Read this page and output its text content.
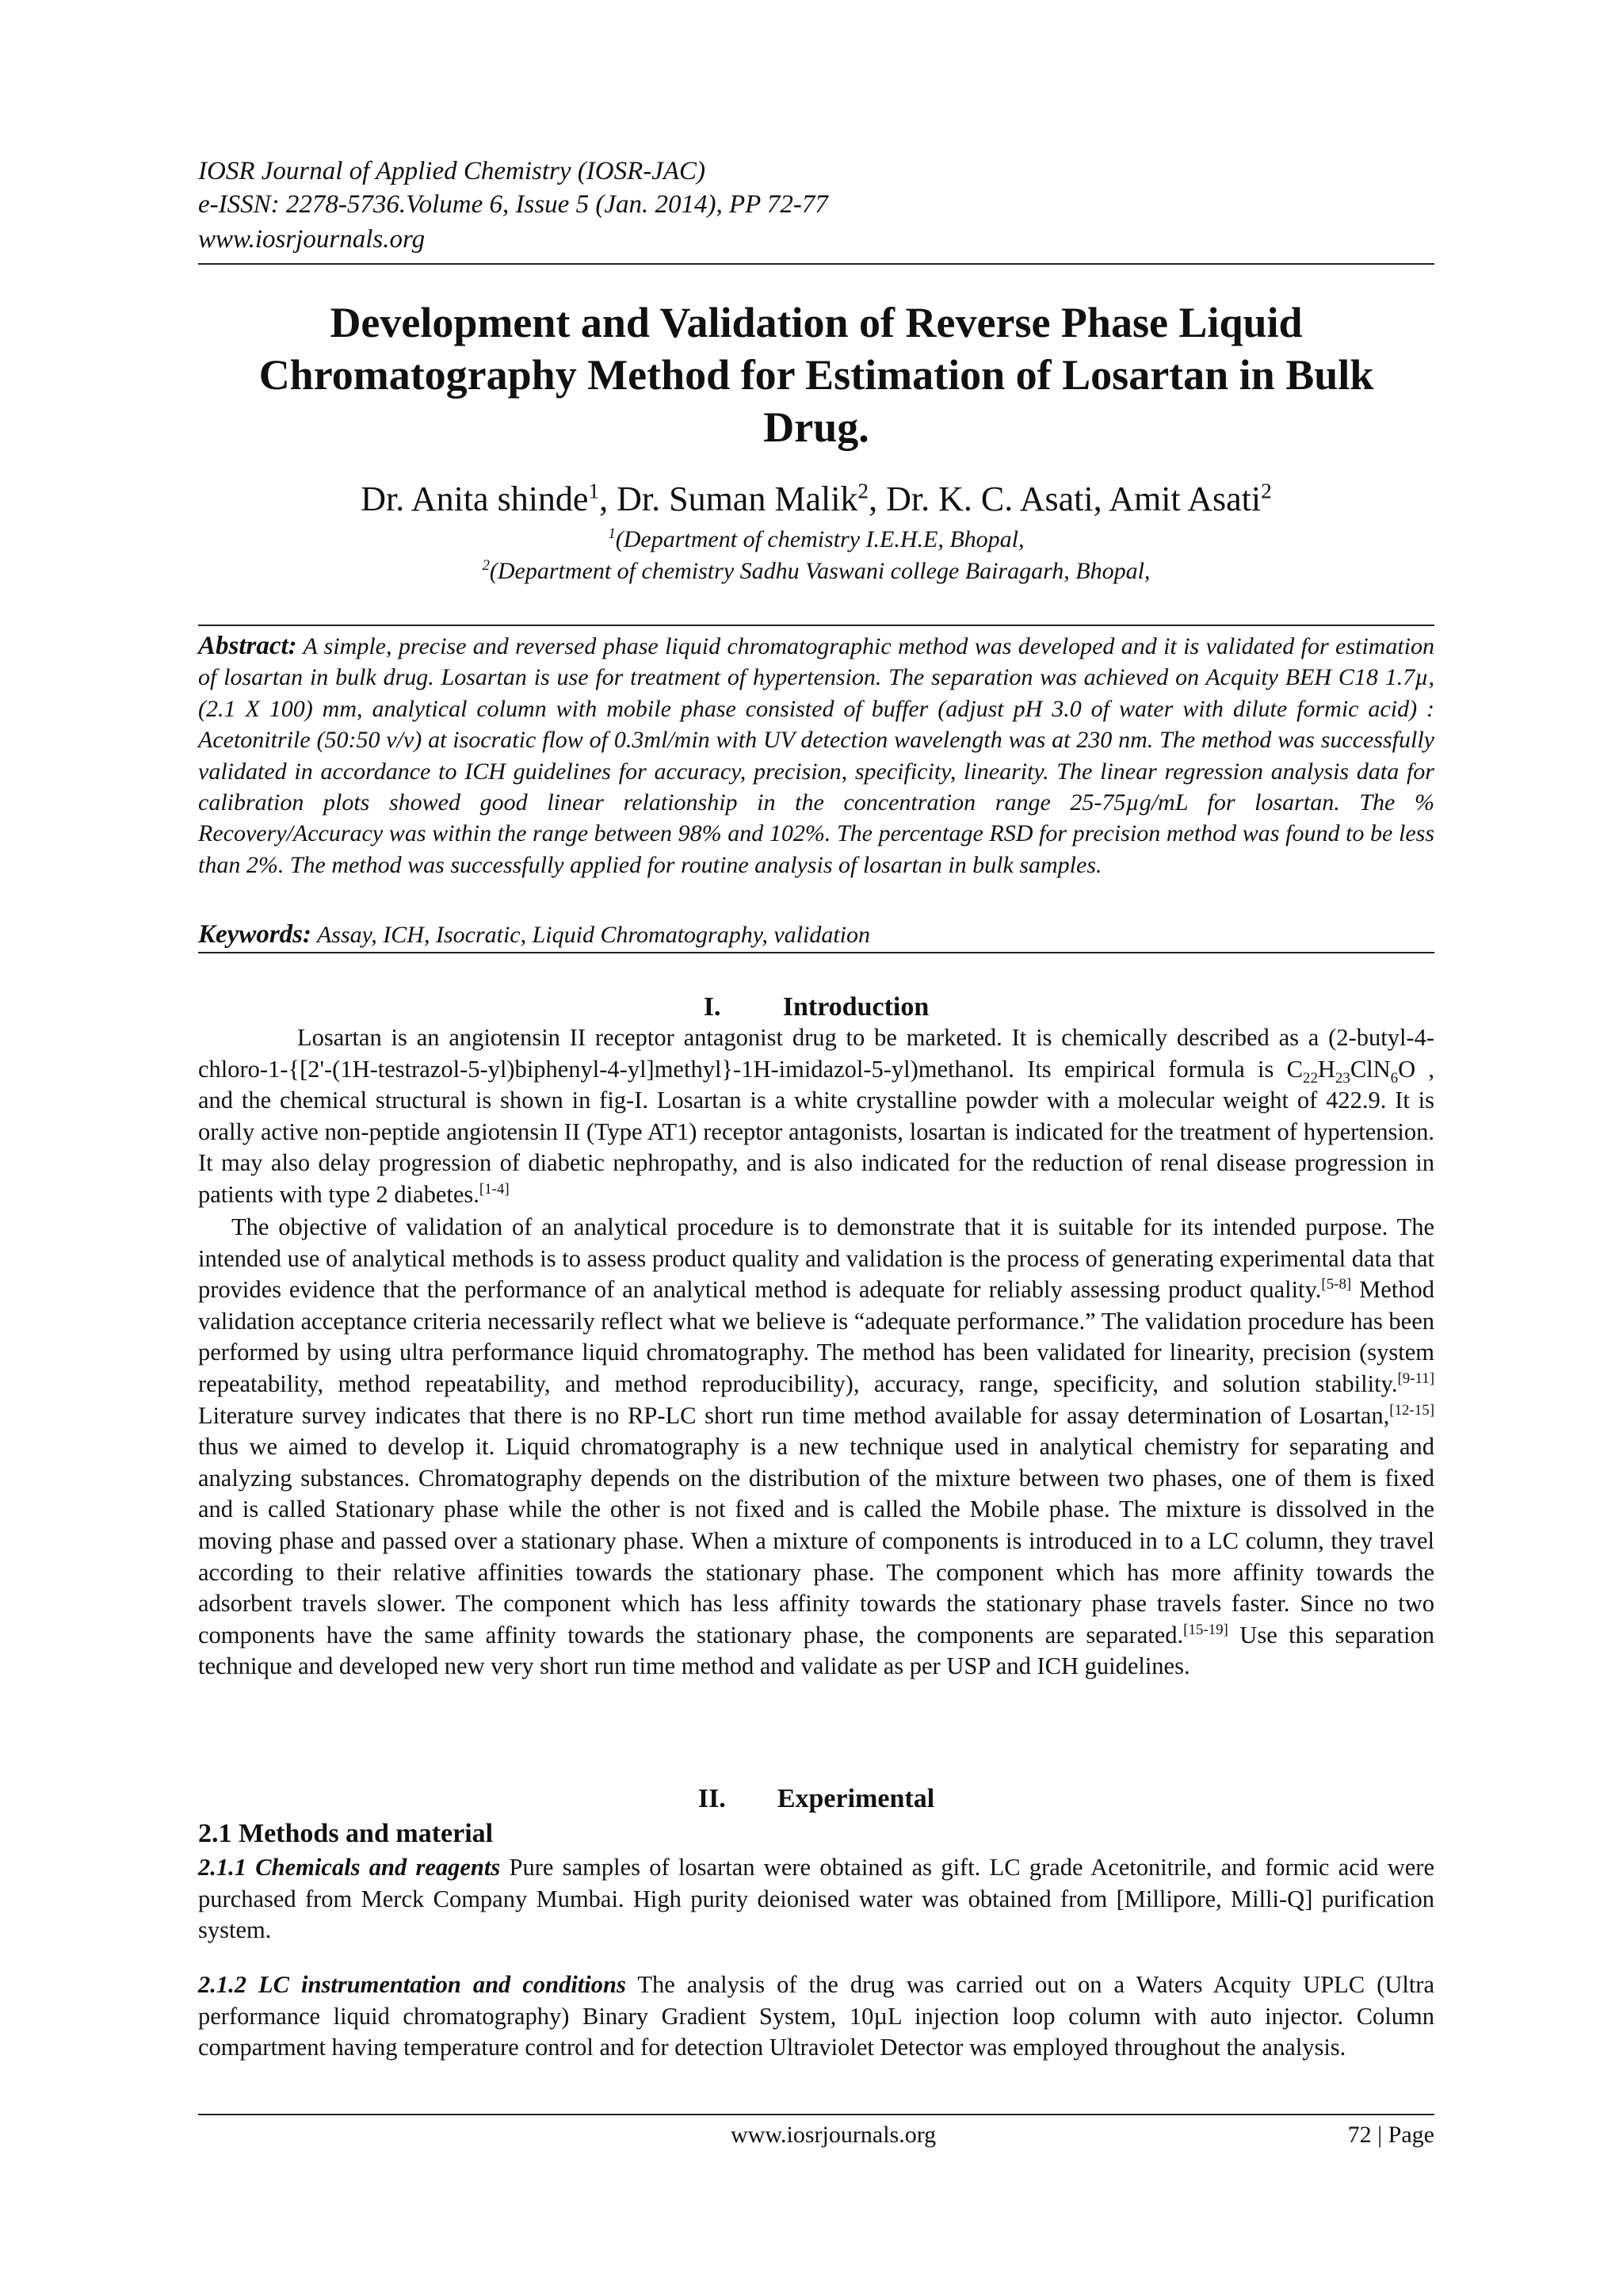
IOSR Journal of Applied Chemistry (IOSR-JAC)
e-ISSN: 2278-5736.Volume 6, Issue 5 (Jan. 2014), PP 72-77
www.iosrjournals.org
Development and Validation of Reverse Phase Liquid Chromatography Method for Estimation of Losartan in Bulk Drug.
Dr. Anita shinde$^1$, Dr. Suman Malik$^2$, Dr. K. C. Asati, Amit Asati$^2$
$^1$(Department of chemistry I.E.H.E, Bhopal,
$^2$(Department of chemistry Sadhu Vaswani college Bairagarh, Bhopal,
Abstract: A simple, precise and reversed phase liquid chromatographic method was developed and it is validated for estimation of losartan in bulk drug. Losartan is use for treatment of hypertension. The separation was achieved on Acquity BEH C18 1.7µ, (2.1 X 100) mm, analytical column with mobile phase consisted of buffer (adjust pH 3.0 of water with dilute formic acid) : Acetonitrile (50:50 v/v) at isocratic flow of 0.3ml/min with UV detection wavelength was at 230 nm. The method was successfully validated in accordance to ICH guidelines for accuracy, precision, specificity, linearity. The linear regression analysis data for calibration plots showed good linear relationship in the concentration range 25-75µg/mL for losartan. The % Recovery/Accuracy was within the range between 98% and 102%. The percentage RSD for precision method was found to be less than 2%. The method was successfully applied for routine analysis of losartan in bulk samples.
Keywords: Assay, ICH, Isocratic, Liquid Chromatography, validation
I. Introduction
Losartan is an angiotensin II receptor antagonist drug to be marketed. It is chemically described as a (2-butyl-4-chloro-1-{[2'-(1H-testrazol-5-yl)biphenyl-4-yl]methyl}-1H-imidazol-5-yl)methanol. Its empirical formula is $C_{22}H_{23}ClN_6O$ , and the chemical structural is shown in fig-I. Losartan is a white crystalline powder with a molecular weight of 422.9. It is orally active non-peptide angiotensin II (Type AT1) receptor antagonists, losartan is indicated for the treatment of hypertension. It may also delay progression of diabetic nephropathy, and is also indicated for the reduction of renal disease progression in patients with type 2 diabetes.[1-4]
The objective of validation of an analytical procedure is to demonstrate that it is suitable for its intended purpose. The intended use of analytical methods is to assess product quality and validation is the process of generating experimental data that provides evidence that the performance of an analytical method is adequate for reliably assessing product quality.[5-8] Method validation acceptance criteria necessarily reflect what we believe is “adequate performance.” The validation procedure has been performed by using ultra performance liquid chromatography. The method has been validated for linearity, precision (system repeatability, method repeatability, and method reproducibility), accuracy, range, specificity, and solution stability.[9-11] Literature survey indicates that there is no RP-LC short run time method available for assay determination of Losartan,[12-15] thus we aimed to develop it. Liquid chromatography is a new technique used in analytical chemistry for separating and analyzing substances. Chromatography depends on the distribution of the mixture between two phases, one of them is fixed and is called Stationary phase while the other is not fixed and is called the Mobile phase. The mixture is dissolved in the moving phase and passed over a stationary phase. When a mixture of components is introduced in to a LC column, they travel according to their relative affinities towards the stationary phase. The component which has more affinity towards the adsorbent travels slower. The component which has less affinity towards the stationary phase travels faster. Since no two components have the same affinity towards the stationary phase, the components are separated.[15-19] Use this separation technique and developed new very short run time method and validate as per USP and ICH guidelines.
II. Experimental
2.1 Methods and material
2.1.1 Chemicals and reagents Pure samples of losartan were obtained as gift. LC grade Acetonitrile, and formic acid were purchased from Merck Company Mumbai. High purity deionised water was obtained from [Millipore, Milli-Q] purification system.
2.1.2 LC instrumentation and conditions The analysis of the drug was carried out on a Waters Acquity UPLC (Ultra performance liquid chromatography) Binary Gradient System, 10µL injection loop column with auto injector. Column compartment having temperature control and for detection Ultraviolet Detector was employed throughout the analysis.
www.iosrjournals.org	72 | Page
